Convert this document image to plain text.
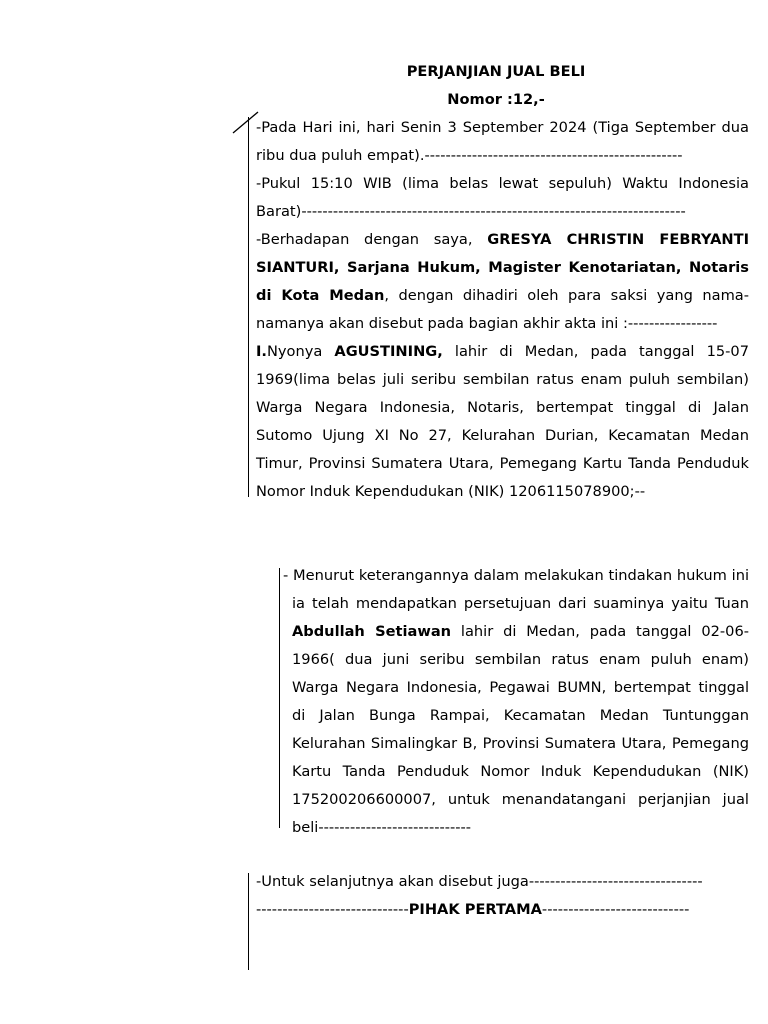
PERJANJIAN JUAL BELI
Nomor :12,-

-Pada Hari ini, hari Senin 3 September 2024 (Tiga September dua ribu dua puluh empat).-------------------------------------------------

-Pukul 15:10 WIB (lima belas lewat sepuluh) Waktu Indonesia Barat)-------------------------------------------------------------------------

-Berhadapan dengan saya, GRESYA CHRISTIN FEBRYANTI SIANTURI, Sarjana Hukum, Magister Kenotariatan, Notaris di Kota Medan, dengan dihadiri oleh para saksi yang nama-namanya akan disebut pada bagian akhir akta ini :-----------------

I.Nyonya AGUSTINING, lahir di Medan, pada tanggal 15-07 1969(lima belas juli seribu sembilan ratus enam puluh sembilan) Warga Negara Indonesia, Notaris, bertempat tinggal di Jalan Sutomo Ujung XI No 27, Kelurahan Durian, Kecamatan Medan Timur, Provinsi Sumatera Utara, Pemegang Kartu Tanda Penduduk Nomor Induk Kependudukan (NIK) 1206115078900;--

- Menurut keterangannya dalam melakukan tindakan hukum ini ia telah mendapatkan persetujuan dari suaminya yaitu Tuan Abdullah Setiawan lahir di Medan, pada tanggal 02-06-1966( dua juni seribu sembilan ratus enam puluh enam) Warga Negara Indonesia, Pegawai BUMN, bertempat tinggal di Jalan Bunga Rampai, Kecamatan Medan Tuntunggan Kelurahan Simalingkar B, Provinsi Sumatera Utara, Pemegang Kartu Tanda Penduduk Nomor Induk Kependudukan (NIK) 175200206600007, untuk menandatangani perjanjian jual beli-----------------------------

-Untuk selanjutnya akan disebut juga---------------------------------

-----------------------------PIHAK PERTAMA----------------------------
